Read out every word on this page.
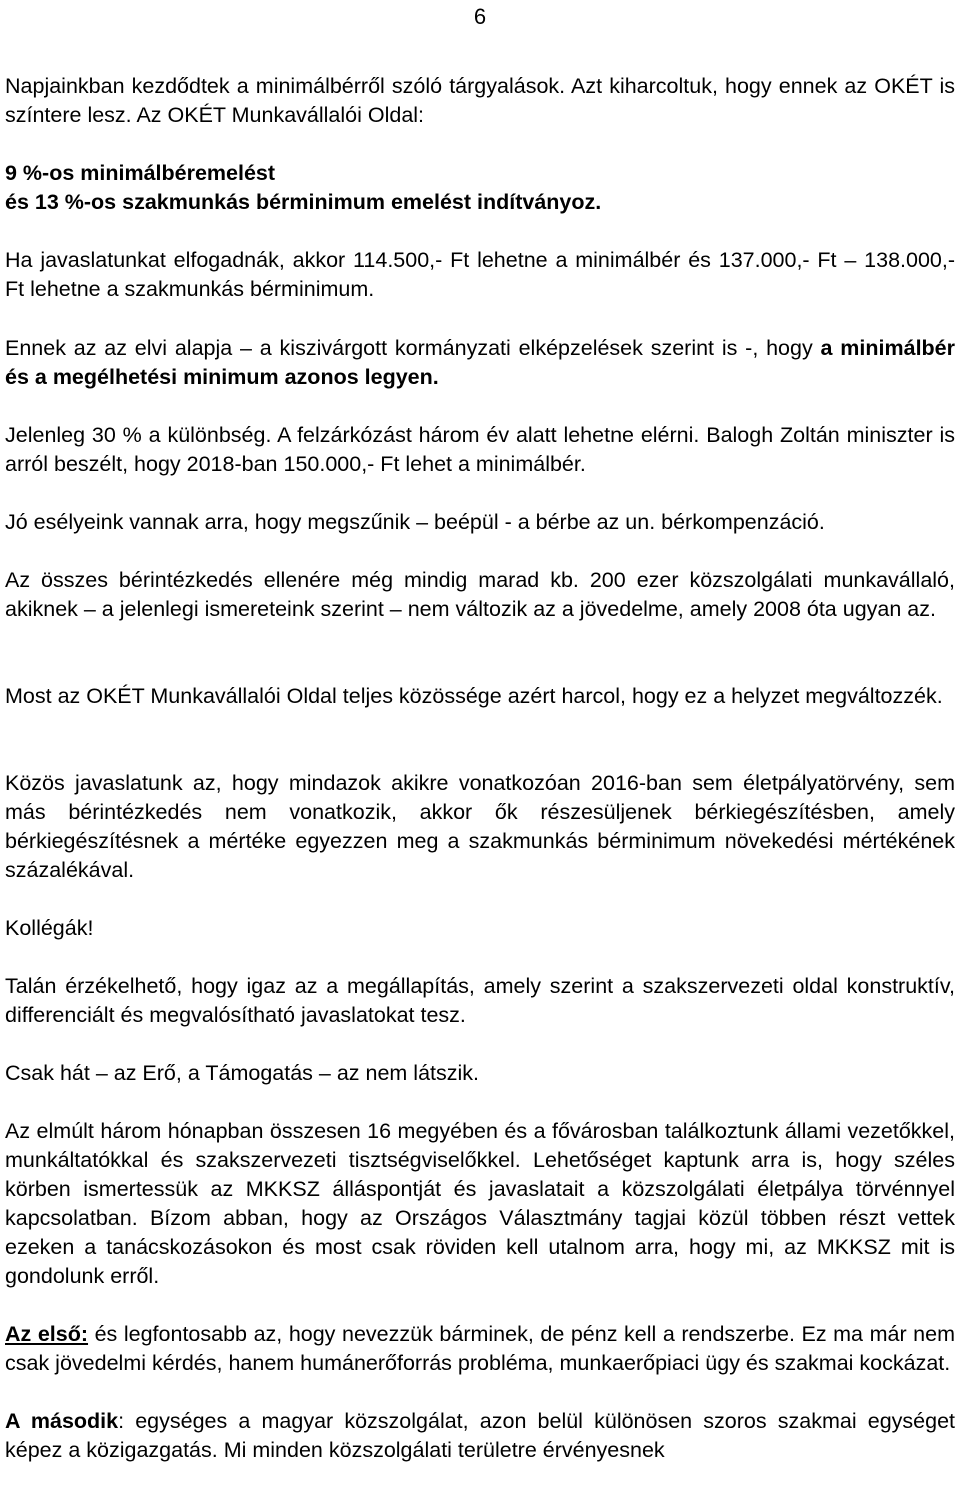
6

Napjainkban kezdődtek a minimálbérről szóló tárgyalások. Azt kiharcoltuk, hogy ennek az OKÉT is színtere lesz. Az OKÉT Munkavállalói Oldal:

9 %-os minimálbéremelést

és 13 %-os szakmunkás bérminimum emelést indítványoz.

Ha javaslatunkat elfogadnák, akkor 114.500,- Ft lehetne a minimálbér és 137.000,- Ft – 138.000,- Ft lehetne a szakmunkás bérminimum.

Ennek az az elvi alapja – a kiszivárgott kormányzati elképzelések szerint is -, hogy a minimálbér és a megélhetési minimum azonos legyen.

Jelenleg 30 % a különbség. A felzárkózást három év alatt lehetne elérni. Balogh Zoltán miniszter is arról beszélt, hogy 2018-ban 150.000,- Ft lehet a minimálbér.

Jó esélyeink vannak arra, hogy megszűnik – beépül - a bérbe az un. bérkompenzáció.

Az összes bérintézkedés ellenére még mindig marad kb. 200 ezer közszolgálati munkavállaló, akiknek – a jelenlegi ismereteink szerint – nem változik az a jövedelme, amely 2008 óta ugyan az.

Most az OKÉT Munkavállalói Oldal teljes közössége azért harcol, hogy ez a helyzet megváltozzék.

Közös javaslatunk az, hogy mindazok akikre vonatkozóan 2016-ban sem életpályatörvény, sem más bérintézkedés nem vonatkozik, akkor ők részesüljenek bérkiegészítésben, amely bérkiegészítésnek a mértéke egyezzen meg a szakmunkás bérminimum növekedési mértékének százalékával.

Kollégák!

Talán érzékelhető, hogy igaz az a megállapítás, amely szerint a szakszervezeti oldal konstruktív, differenciált és megvalósítható javaslatokat tesz.

Csak hát – az Erő, a Támogatás – az nem látszik.

Az elmúlt három hónapban összesen 16 megyében és a fővárosban találkoztunk állami vezetőkkel, munkáltatókkal és szakszervezeti tisztségviselőkkel. Lehetőséget kaptunk arra is, hogy széles körben ismertessük az MKKSZ álláspontját és javaslatait a közszolgálati életpálya törvénnyel kapcsolatban. Bízom abban, hogy az Országos Választmány tagjai közül többen részt vettek ezeken a tanácskozásokon és most csak röviden kell utalnom arra, hogy mi, az MKKSZ mit is gondolunk erről.

Az első: és legfontosabb az, hogy nevezzük bárminek, de pénz kell a rendszerbe. Ez ma már nem csak jövedelmi kérdés, hanem humánerőforrás probléma, munkaerőpiaci ügy és szakmai kockázat.

A második: egységes a magyar közszolgálat, azon belül különösen szoros szakmai egységet képez a közigazgatás. Mi minden közszolgálati területre érvényesnek
